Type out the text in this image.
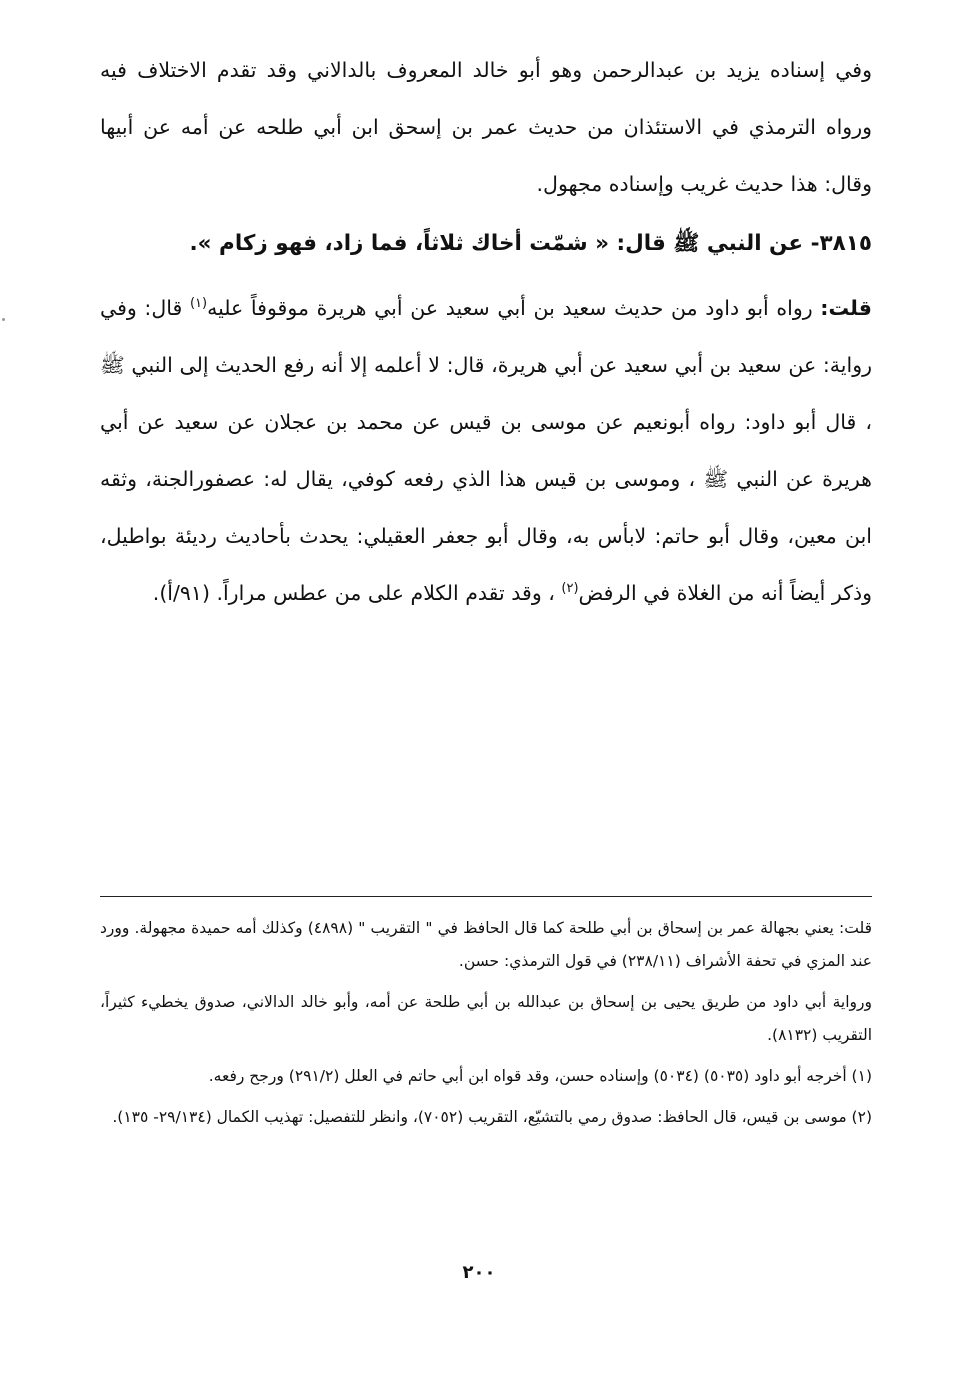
وفي إسناده يزيد بن عبدالرحمن وهو أبو خالد المعروف بالدالاني وقد تقدم الاختلاف فيه ورواه الترمذي في الاستئذان من حديث عمر بن إسحق ابن أبي طلحه عن أمه عن أبيها وقال: هذا حديث غريب وإسناده مجهول.

٣٨١٥- عن النبي ﷺ قال: « شمّت أخاك ثلاثاً، فما زاد، فهو زكام ».

قلت: رواه أبو داود من حديث سعيد بن أبي سعيد عن أبي هريرة موقوفاً عليه$^{(١)}$ قال: وفي رواية: عن سعيد بن أبي سعيد عن أبي هريرة، قال: لا أعلمه إلا أنه رفع الحديث إلى النبي ﷺ ، قال أبو داود: رواه أبونعيم عن موسى بن قيس عن محمد بن عجلان عن سعيد عن أبي هريرة عن النبي ﷺ ، وموسى بن قيس هذا الذي رفعه كوفي، يقال له: عصفورالجنة، وثقه ابن معين، وقال أبو حاتم: لابأس به، وقال أبو جعفر العقيلي: يحدث بأحاديث رديئة بواطيل، وذكر أيضاً أنه من الغلاة في الرفض$^{(٢)}$ ، وقد تقدم الكلام على من عطس مراراً. (٩١/أ).

قلت: يعني بجهالة عمر بن إسحاق بن أبي طلحة كما قال الحافظ في " التقريب " (٤٨٩٨) وكذلك أمه حميدة مجهولة. وورد عند المزي في تحفة الأشراف (٢٣٨/١١) في قول الترمذي: حسن.

ورواية أبي داود من طريق يحيى بن إسحاق بن عبدالله بن أبي طلحة عن أمه، وأبو خالد الدالاني، صدوق يخطيء كثيراً، التقريب (٨١٣٢).

(١) أخرجه أبو داود (٥٠٣٥) (٥٠٣٤) وإسناده حسن، وقد قواه ابن أبي حاتم في العلل (٢٩١/٢) ورجح رفعه.

(٢) موسى بن قيس، قال الحافظ: صدوق رمي بالتشيّع، التقريب (٧٠٥٢)، وانظر للتفصيل: تهذيب الكمال (٢٩/١٣٤- ١٣٥).

٢٠٠
